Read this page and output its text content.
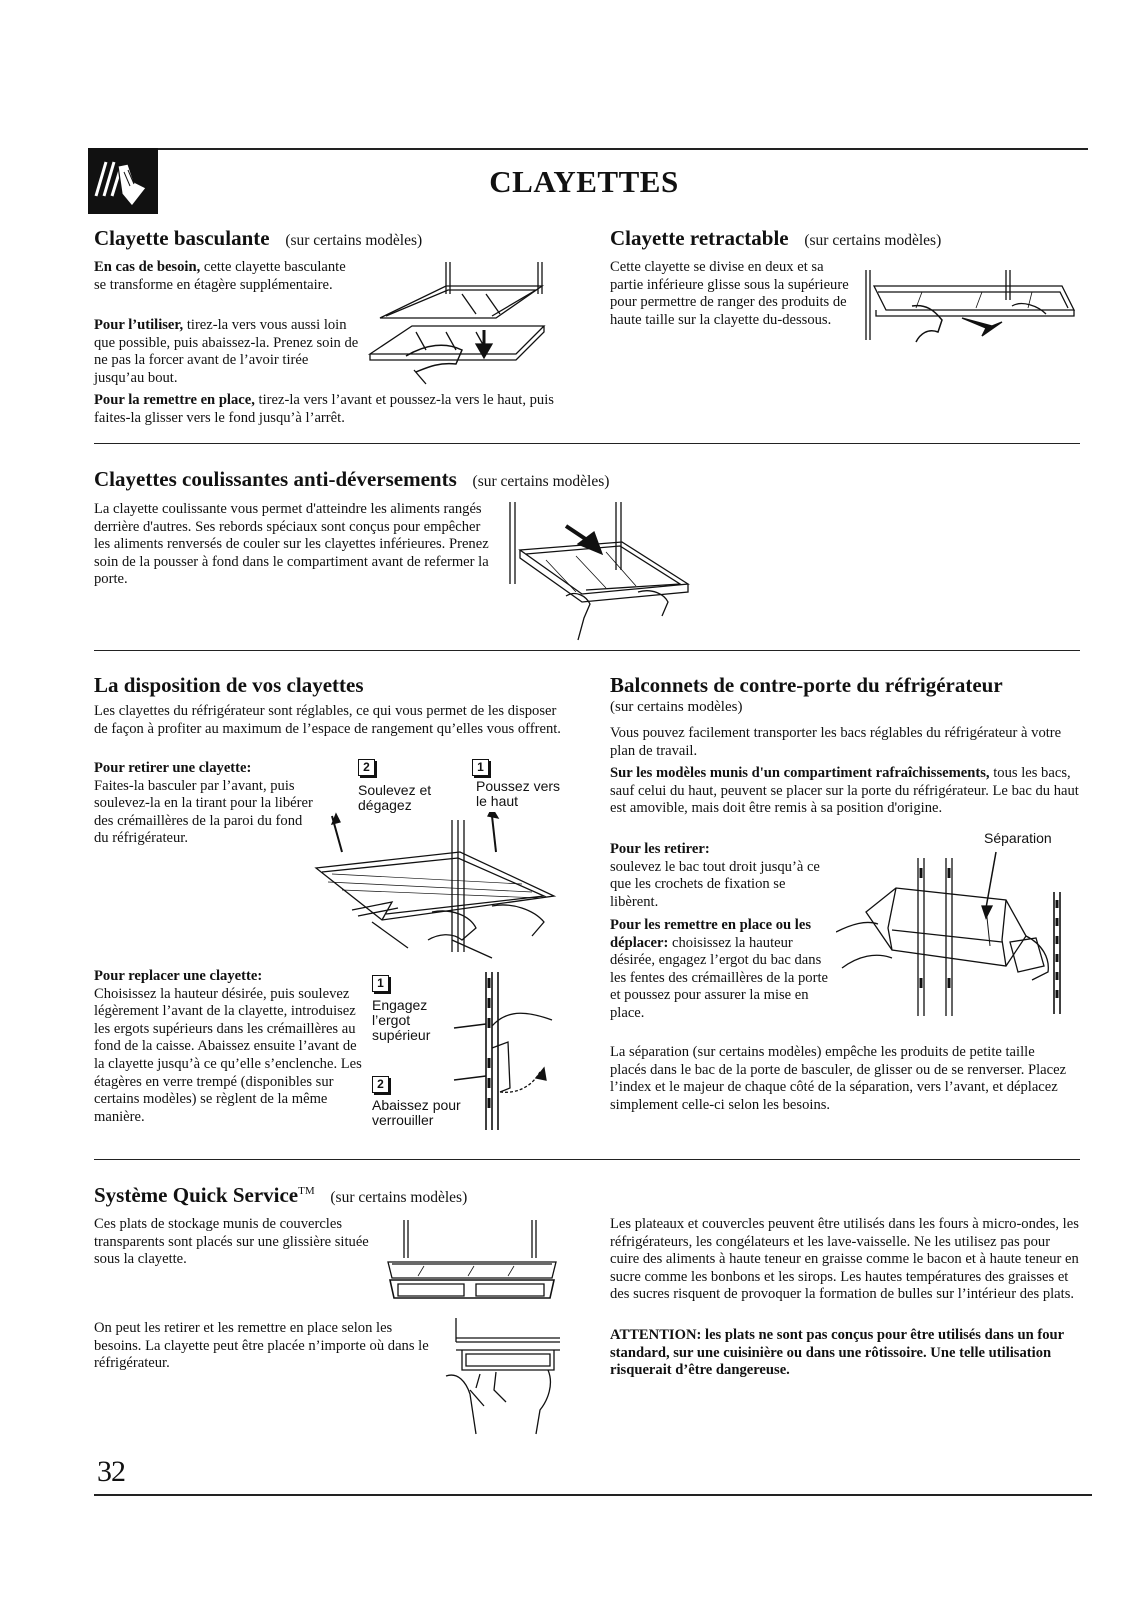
CLAYETTES
Clayette basculante (sur certains modèles)

En cas de besoin, cette clayette basculante se transforme en étagère supplémentaire.

Pour l’utiliser, tirez-la vers vous aussi loin que possible, puis abaissez-la. Prenez soin de ne pas la forcer avant de l’avoir tirée jusqu’au bout.

Pour la remettre en place, tirez-la vers l’avant et poussez-la vers le haut, puis faites-la glisser vers le fond jusqu’à l’arrêt.

Clayette retractable (sur certains modèles)

Cette clayette se divise en deux et sa partie inférieure glisse sous la supérieure pour permettre de ranger des produits de haute taille sur la clayette du-dessous.

Clayettes coulissantes anti-déversements (sur certains modèles)

La clayette coulissante vous permet d'atteindre les aliments rangés derrière d'autres. Ses rebords spéciaux sont conçus pour empêcher les aliments renversés de couler sur les clayettes inférieures. Prenez soin de la pousser à fond dans le compartiment avant de refermer la porte.

La disposition de vos clayettes

Les clayettes du réfrigérateur sont réglables, ce qui vous permet de les disposer de façon à profiter au maximum de l’espace de rangement qu’elles vous offrent.

Pour retirer une clayette:
Faites-la basculer par l’avant, puis soulevez-la en la tirant pour la libérer des crémaillères de la paroi du fond du réfrigérateur.

2	1
Soulevez et dégagez
Poussez vers le haut

Pour replacer une clayette:
Choisissez la hauteur désirée, puis soulevez légèrement l’avant de la clayette, introduisez les ergots supérieurs dans les crémaillères au fond de la caisse. Abaissez ensuite l’avant de la clayette jusqu’à ce qu’elle s’enclenche. Les étagères en verre trempé (disponibles sur certains modèles) se règlent de la même manière.

1
Engagez l’ergot supérieur
2
Abaissez pour verrouiller
Balconnets de contre-porte du réfrigérateur
(sur certains modèles)

Vous pouvez facilement transporter les bacs réglables du réfrigérateur à votre plan de travail.

Sur les modèles munis d'un compartiment rafraîchissements, tous les bacs, sauf celui du haut, peuvent se placer sur la porte du réfrigérateur. Le bac du haut est amovible, mais doit être remis à sa position d'origine.

Séparation

Pour les retirer:
soulevez le bac tout droit jusqu’à ce que les crochets de fixation se libèrent.

Pour les remettre en place ou les déplacer: choisissez la hauteur désirée, engagez l’ergot du bac dans les fentes des crémaillères de la porte et poussez pour assurer la mise en place.

La séparation (sur certains modèles) empêche les produits de petite taille placés dans le bac de la porte de basculer, de glisser ou de se renverser. Placez l’index et le majeur de chaque côté de la séparation, vers l’avant, et déplacez simplement celle-ci selon les besoins.

Système Quick Service™ (sur certains modèles)

Ces plats de stockage munis de couvercles transparents sont placés sur une glissière située sous la clayette.

On peut les retirer et les remettre en place selon les besoins. La clayette peut être placée n’importe où dans le réfrigérateur.

Les plateaux et couvercles peuvent être utilisés dans les fours à micro-ondes, les réfrigérateurs, les congélateurs et les lave-vaisselle. Ne les utilisez pas pour cuire des aliments à haute teneur en graisse comme le bacon et à haute teneur en sucre comme les bonbons et les sirops. Les hautes températures des graisses et des sucres risquent de provoquer la formation de bulles sur l’intérieur des plats.

ATTENTION: les plats ne sont pas conçus pour être utilisés dans un four standard, sur une cuisinière ou dans une rôtissoire. Une telle utilisation risquerait d’être dangereuse.

32
